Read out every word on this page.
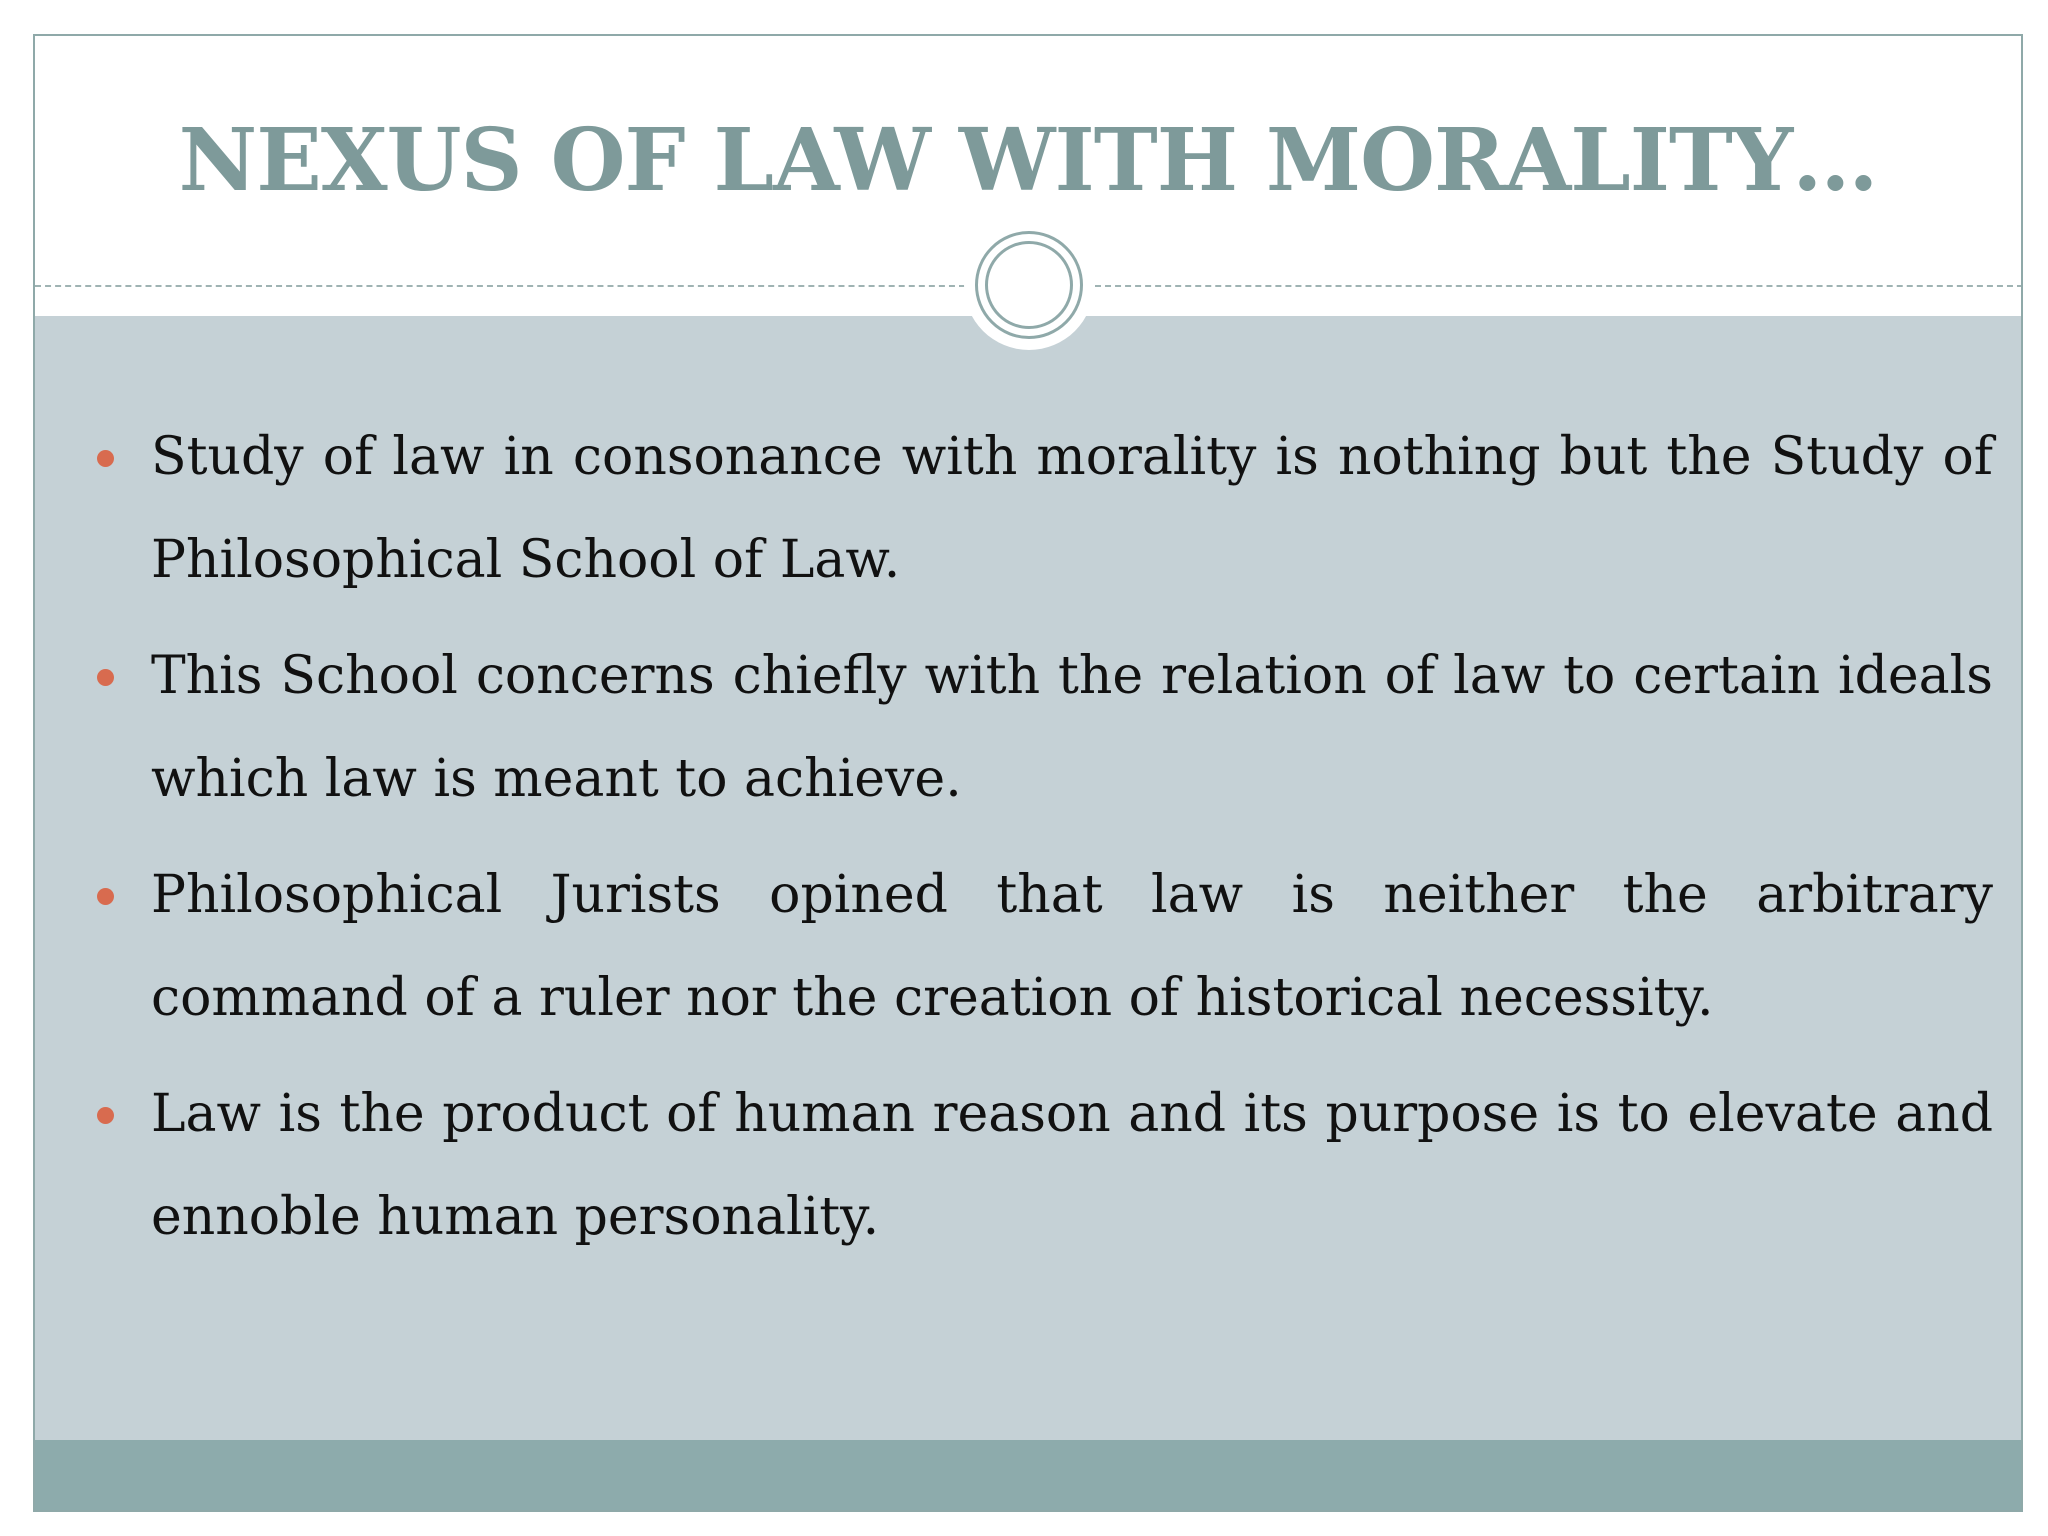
NEXUS OF LAW WITH MORALITY…
Study of law in consonance with morality is nothing but the Study of Philosophical School of Law.
This School concerns chiefly with the relation of law to certain ideals which law is meant to achieve.
Philosophical Jurists opined that law is neither the arbitrary command of a ruler nor the creation of historical necessity.
Law is the product of human reason and its purpose is to elevate and ennoble human personality.
